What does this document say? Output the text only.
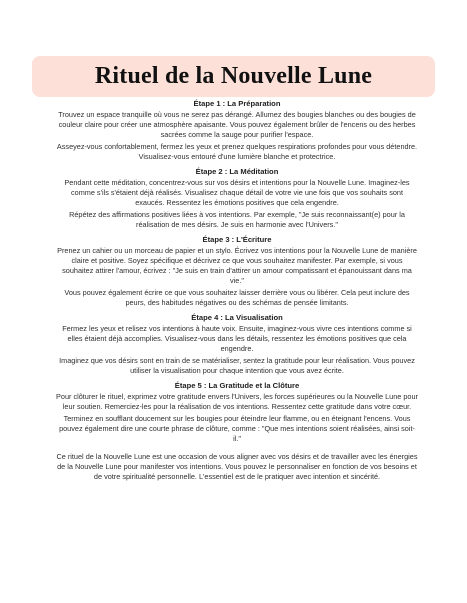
Rituel de la Nouvelle Lune
Étape 1 : La Préparation

Trouvez un espace tranquille où vous ne serez pas dérangé. Allumez des bougies blanches ou des bougies de couleur claire pour créer une atmosphère apaisante. Vous pouvez également brûler de l'encens ou des herbes sacrées comme la sauge pour purifier l'espace.

Asseyez-vous confortablement, fermez les yeux et prenez quelques respirations profondes pour vous détendre. Visualisez-vous entouré d'une lumière blanche et protectrice.

Étape 2 : La Méditation

Pendant cette méditation, concentrez-vous sur vos désirs et intentions pour la Nouvelle Lune. Imaginez-les comme s'ils s'étaient déjà réalisés. Visualisez chaque détail de votre vie une fois que vos souhaits sont exaucés. Ressentez les émotions positives que cela engendre.

Répétez des affirmations positives liées à vos intentions. Par exemple, "Je suis reconnaissant(e) pour la réalisation de mes désirs. Je suis en harmonie avec l'Univers."

Étape 3 : L'Écriture

Prenez un cahier ou un morceau de papier et un stylo. Écrivez vos intentions pour la Nouvelle Lune de manière claire et positive. Soyez spécifique et décrivez ce que vous souhaitez manifester. Par exemple, si vous souhaitez attirer l'amour, écrivez : "Je suis en train d'attirer un amour compatissant et épanouissant dans ma vie."

Vous pouvez également écrire ce que vous souhaitez laisser derrière vous ou libérer. Cela peut inclure des peurs, des habitudes négatives ou des schémas de pensée limitants.

Étape 4 : La Visualisation

Fermez les yeux et relisez vos intentions à haute voix. Ensuite, imaginez-vous vivre ces intentions comme si elles étaient déjà accomplies. Visualisez-vous dans les détails, ressentez les émotions positives que cela engendre.

Imaginez que vos désirs sont en train de se matérialiser, sentez la gratitude pour leur réalisation. Vous pouvez utiliser la visualisation pour chaque intention que vous avez écrite.

Étape 5 : La Gratitude et la Clôture

Pour clôturer le rituel, exprimez votre gratitude envers l'Univers, les forces supérieures ou la Nouvelle Lune pour leur soutien. Remerciez-les pour la réalisation de vos intentions. Ressentez cette gratitude dans votre cœur.

Terminez en soufflant doucement sur les bougies pour éteindre leur flamme, ou en éteignant l'encens. Vous pouvez également dire une courte phrase de clôture, comme : "Que mes intentions soient réalisées, ainsi soit-il."

Ce rituel de la Nouvelle Lune est une occasion de vous aligner avec vos désirs et de travailler avec les énergies de la Nouvelle Lune pour manifester vos intentions. Vous pouvez le personnaliser en fonction de vos besoins et de votre spiritualité personnelle. L'essentiel est de le pratiquer avec intention et sincérité.
